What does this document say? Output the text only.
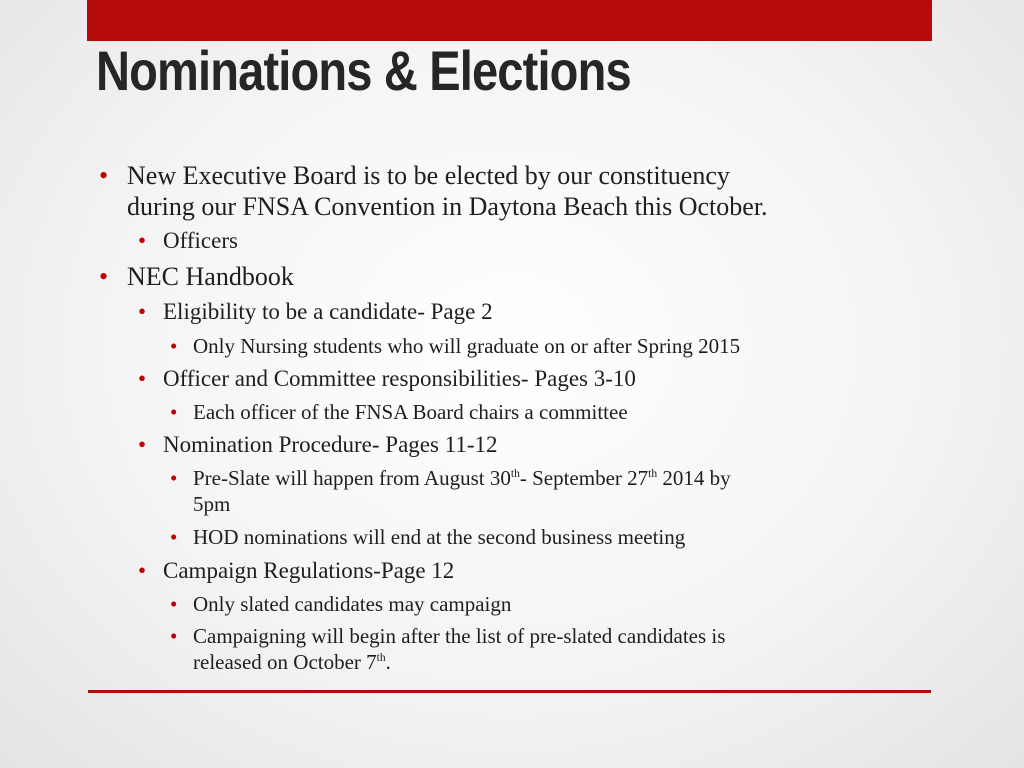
Nominations & Elections
• New Executive Board is to be elected by our constituency
during our FNSA Convention in Daytona Beach this October.
• Officers
• NEC Handbook
• Eligibility to be a candidate- Page 2
• Only Nursing students who will graduate on or after Spring 2015
• Officer and Committee responsibilities- Pages 3-10
• Each officer of the FNSA Board chairs a committee
• Nomination Procedure- Pages 11-12
• Pre-Slate will happen from August 30th- September 27th 2014 by
5pm
• HOD nominations will end at the second business meeting
• Campaign Regulations-Page 12
• Only slated candidates may campaign
• Campaigning will begin after the list of pre-slated candidates is
released on October 7th.
